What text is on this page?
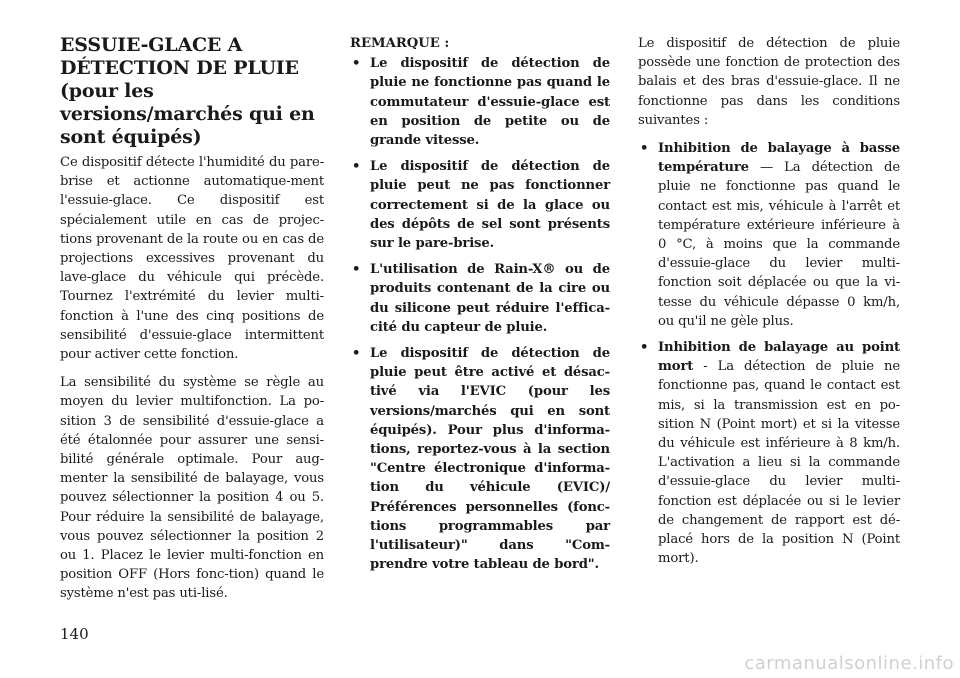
ESSUIE-GLACE A DÉTECTION DE PLUIE (pour les versions/marchés qui en sont équipés)

Ce dispositif détecte l'humidité du pare-brise et actionne automatique-ment l'essuie-glace. Ce dispositif est spécialement utile en cas de projec-tions provenant de la route ou en cas de projections excessives provenant du lave-glace du véhicule qui précède. Tournez l'extrémité du levier multi-fonction à l'une des cinq positions de sensibilité d'essuie-glace intermittent pour activer cette fonction.

La sensibilité du système se règle au moyen du levier multifonction. La po-sition 3 de sensibilité d'essuie-glace a été étalonnée pour assurer une sensi-bilité générale optimale. Pour aug-menter la sensibilité de balayage, vous pouvez sélectionner la position 4 ou 5. Pour réduire la sensibilité de balayage, vous pouvez sélectionner la position 2 ou 1. Placez le levier multi-fonction en position OFF (Hors fonc-tion) quand le système n'est pas uti-lisé.

REMARQUE :
• Le dispositif de détection de pluie ne fonctionne pas quand le commutateur d'essuie-glace est en position de petite ou de grande vitesse.
• Le dispositif de détection de pluie peut ne pas fonctionner correctement si de la glace ou des dépôts de sel sont présents sur le pare-brise.
• L'utilisation de Rain-X® ou de produits contenant de la cire ou du silicone peut réduire l'effica-cité du capteur de pluie.
• Le dispositif de détection de pluie peut être activé et désac-tivé via l'EVIC (pour les versions/marchés qui en sont équipés). Pour plus d'informa-tions, reportez-vous à la section "Centre électronique d'informa-tion du véhicule (EVIC)/ Préférences personnelles (fonc-tions programmables par l'utilisateur)" dans "Com-prendre votre tableau de bord".

Le dispositif de détection de pluie possède une fonction de protection des balais et des bras d'essuie-glace. Il ne fonctionne pas dans les conditions suivantes :

• Inhibition de balayage à basse température — La détection de pluie ne fonctionne pas quand le contact est mis, véhicule à l'arrêt et température extérieure inférieure à 0 °C, à moins que la commande d'essuie-glace du levier multi-fonction soit déplacée ou que la vi-tesse du véhicule dépasse 0 km/h, ou qu'il ne gèle plus.
• Inhibition de balayage au point mort - La détection de pluie ne fonctionne pas, quand le contact est mis, si la transmission est en po-sition N (Point mort) et si la vitesse du véhicule est inférieure à 8 km/h. L'activation a lieu si la commande d'essuie-glace du levier multi-fonction est déplacée ou si le levier de changement de rapport est dé-placé hors de la position N (Point mort).
140
carmanualsonline.info
